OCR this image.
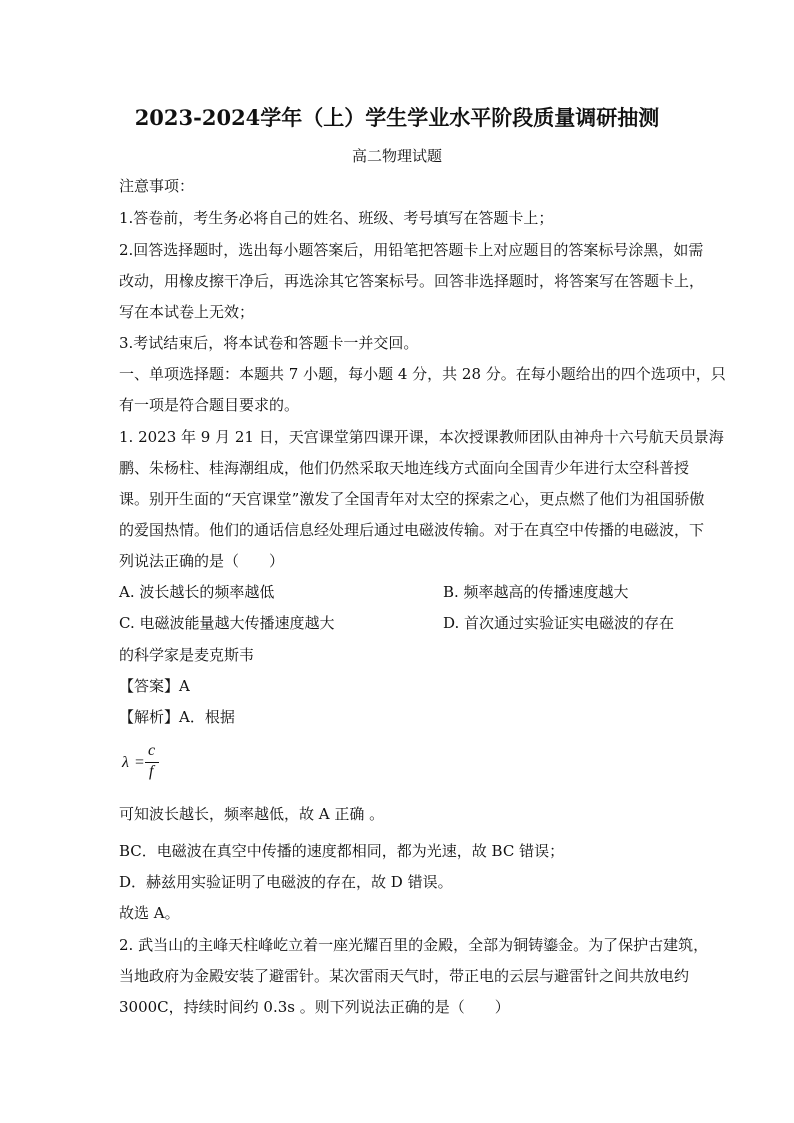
2023-2024学年（上）学生学业水平阶段质量调研抽测

高二物理试题

注意事项：

1.答卷前，考生务必将自己的姓名、班级、考号填写在答题卡上；

2.回答选择题时，选出每小题答案后，用铅笔把答题卡上对应题目的答案标号涂黑，如需

改动，用橡皮擦干净后，再选涂其它答案标号。回答非选择题时，将答案写在答题卡上，

写在本试卷上无效；

3.考试结束后，将本试卷和答题卡一并交回。

一、单项选择题：本题共 7 小题，每小题 4 分，共 28 分。在每小题给出的四个选项中，只

有一项是符合题目要求的。

1. 2023 年 9 月 21 日，天宫课堂第四课开课，本次授课教师团队由神舟十六号航天员景海

鹏、朱杨柱、桂海潮组成，他们仍然采取天地连线方式面向全国青少年进行太空科普授

课。别开生面的“天宫课堂”激发了全国青年对太空的探索之心，更点燃了他们为祖国骄傲

的爱国热情。他们的通话信息经处理后通过电磁波传输。对于在真空中传播的电磁波，下

列说法正确的是（　　）

A. 波长越长的频率越低	B. 频率越高的传播速度越大

C. 电磁波能量越大传播速度越大	D. 首次通过实验证实电磁波的存在

的科学家是麦克斯韦

【答案】A

【解析】A．根据

λ =
c
f

可知波长越长，频率越低，故 A 正确 。

BC．电磁波在真空中传播的速度都相同，都为光速，故 BC 错误；

D．赫兹用实验证明了电磁波的存在，故 D 错误。

故选 A。

2. 武当山的主峰天柱峰屹立着一座光耀百里的金殿，全部为铜铸鎏金。为了保护古建筑，

当地政府为金殿安装了避雷针。某次雷雨天气时，带正电的云层与避雷针之间共放电约

3000C，持续时间约 0.3s 。则下列说法正确的是（　　）
